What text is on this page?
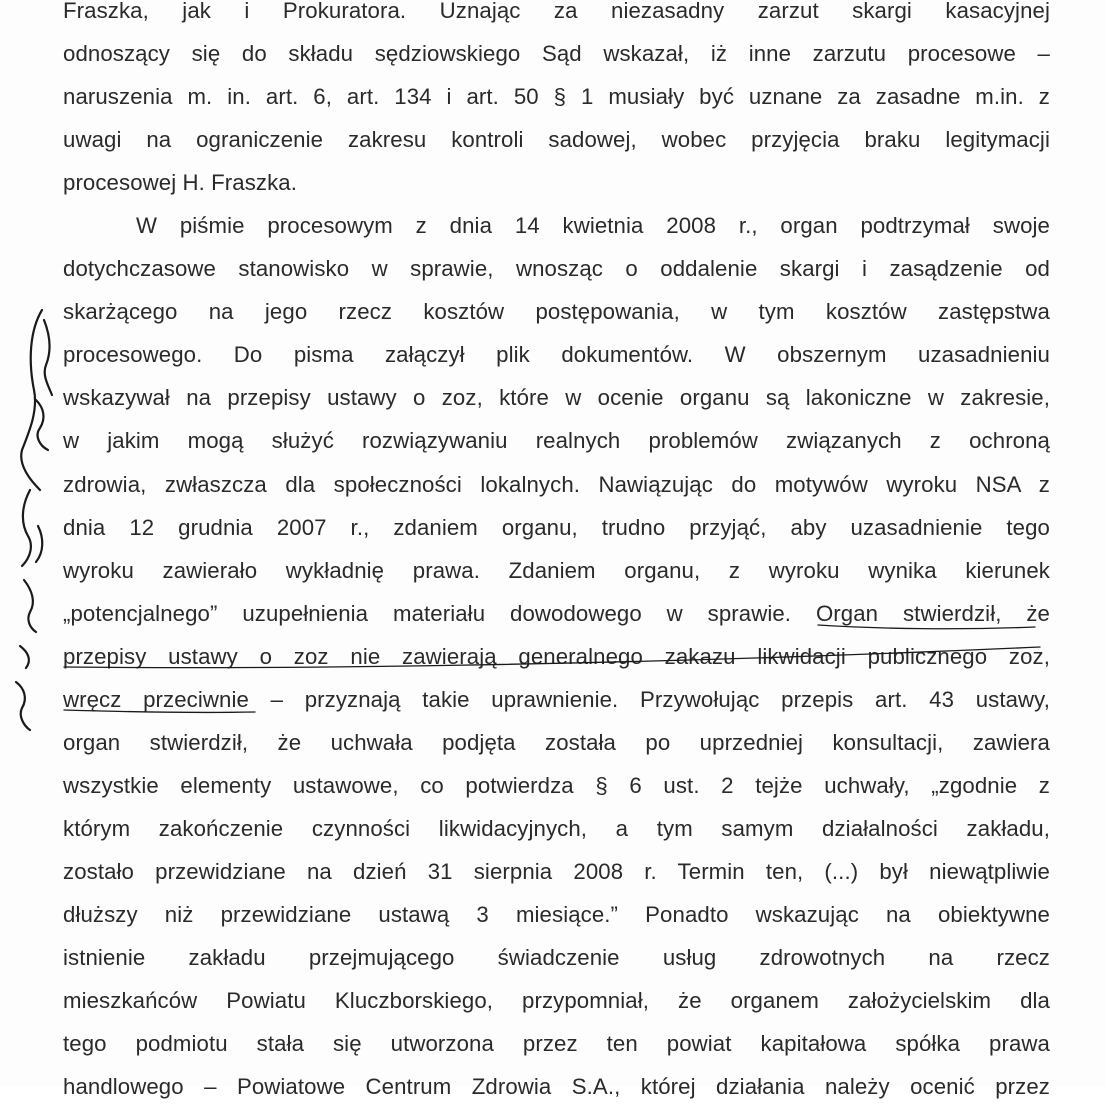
Fraszka, jak i Prokuratora. Uznając za niezasadny zarzut skargi kasacyjnej
odnoszący się do składu sędziowskiego Sąd wskazał, iż inne zarzutu procesowe –
naruszenia m. in. art. 6, art. 134 i art. 50 § 1 musiały być uznane za zasadne m.in. z
uwagi na ograniczenie zakresu kontroli sadowej, wobec przyjęcia braku legitymacji
procesowej H. Fraszka.
W piśmie procesowym z dnia 14 kwietnia 2008 r., organ podtrzymał swoje
dotychczasowe stanowisko w sprawie, wnosząc o oddalenie skargi i zasądzenie od
skarżącego na jego rzecz kosztów postępowania, w tym kosztów zastępstwa
procesowego. Do pisma załączył plik dokumentów. W obszernym uzasadnieniu
wskazywał na przepisy ustawy o zoz, które w ocenie organu są lakoniczne w zakresie,
w jakim mogą służyć rozwiązywaniu realnych problemów związanych z ochroną
zdrowia, zwłaszcza dla społeczności lokalnych. Nawiązując do motywów wyroku NSA z
dnia 12 grudnia 2007 r., zdaniem organu, trudno przyjąć, aby uzasadnienie tego
wyroku zawierało wykładnię prawa. Zdaniem organu, z wyroku wynika kierunek
„potencjalnego” uzupełnienia materiału dowodowego w sprawie. Organ stwierdził, że
przepisy ustawy o zoz nie zawierają generalnego zakazu likwidacji publicznego zoz,
wręcz przeciwnie – przyznają takie uprawnienie. Przywołując przepis art. 43 ustawy,
organ stwierdził, że uchwała podjęta została po uprzedniej konsultacji, zawiera
wszystkie elementy ustawowe, co potwierdza § 6 ust. 2 tejże uchwały, „zgodnie z
którym zakończenie czynności likwidacyjnych, a tym samym działalności zakładu,
zostało przewidziane na dzień 31 sierpnia 2008 r. Termin ten, (...) był niewątpliwie
dłuższy niż przewidziane ustawą 3 miesiące.” Ponadto wskazując na obiektywne
istnienie zakładu przejmującego świadczenie usług zdrowotnych na rzecz
mieszkańców Powiatu Kluczborskiego, przypomniał, że organem założycielskim dla
tego podmiotu stała się utworzona przez ten powiat kapitałowa spółka prawa
handlowego – Powiatowe Centrum Zdrowia S.A., której działania należy ocenić przez
